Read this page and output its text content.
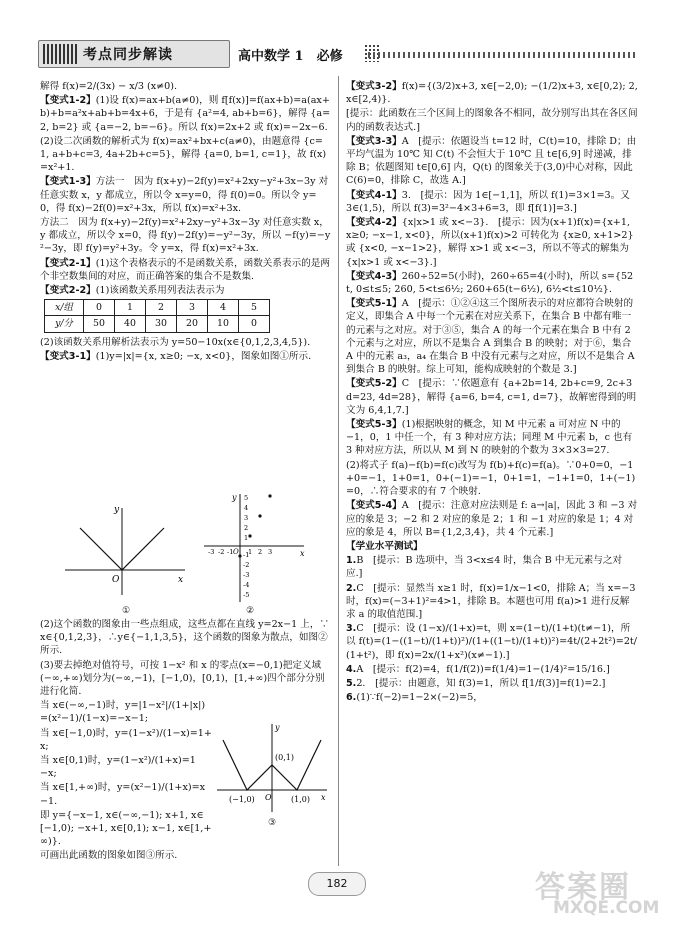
考点同步解读	高中数学 1　必修

解得 f(x)=2/(3x) − x/3 (x≠0).

【变式1-2】(1)设 f(x)=ax+b(a≠0)，则 f[f(x)]=f(ax+b)=a(ax+b)+b=a²x+ab+b=4x+6，于是有 {a²=4, ab+b=6}，解得 {a=2, b=2} 或 {a=−2, b=−6}。所以 f(x)=2x+2 或 f(x)=−2x−6.

(2)设二次函数的解析式为 f(x)=ax²+bx+c(a≠0)，由题意得 {c=1, a+b+c=3, 4a+2b+c=5}，解得 {a=0, b=1, c=1}，故 f(x)=x²+1.

【变式1-3】方法一　因为 f(x+y)−2f(y)=x²+2xy−y²+3x−3y 对任意实数 x，y 都成立，所以令 x=y=0，得 f(0)=0。所以令 y=0，得 f(x)−2f(0)=x²+3x，所以 f(x)=x²+3x.

方法二　因为 f(x+y)−2f(y)=x²+2xy−y²+3x−3y 对任意实数 x，y 都成立，所以令 x=0，得 f(y)−2f(y)=−y²−3y，所以 −f(y)=−y²−3y，即 f(y)=y²+3y。令 y=x，得 f(x)=x²+3x.

【变式2-1】(1)这个表格表示的不是函数关系，函数关系表示的是两个非空数集间的对应，而正确答案的集合不是数集.

【变式2-2】(1)该函数关系用列表法表示为

x/组	0	1	2	3	4	5
y/分	50	40	30	20	10	0

(2)该函数关系用解析法表示为 y=50−10x(x∈{0,1,2,3,4,5}).

【变式3-1】(1)y=|x|={x, x≥0; −x, x<0}，图象如图①所示.

x
y
O
①
5
4
3
2
1
-1
-2
-3
-4
-5
-3 -2 -1 1 2 3	x
y
O
②

(2)这个函数的图象由一些点组成，这些点都在直线 y=2x−1 上，∵x∈{0,1,2,3}，∴y∈{−1,1,3,5}，这个函数的图象为散点，如图②所示.

(3)要去掉绝对值符号，可按 1−x² 和 x 的零点(x=−0,1)把定义域(−∞,+∞)划分为(−∞,−1)，[−1,0)，[0,1)，[1,+∞)四个部分分别进行化简.

当 x∈(−∞,−1)时，y=|1−x²|/(1+|x|)=(x²−1)/(1−x)=−x−1;

当 x∈[−1,0)时，y=(1−x²)/(1−x)=1+x;

当 x∈[0,1)时，y=(1−x²)/(1+x)=1−x;

当 x∈[1,+∞)时，y=(x²−1)/(1+x)=x−1.

即 y={−x−1, x∈(−∞,−1); x+1, x∈[−1,0); −x+1, x∈[0,1); x−1, x∈[1,+∞)}.

可画出此函数的图象如图③所示.

(0,1)
(−1,0)	(1,0)
O	x
y
③

【变式3-2】f(x)={(3/2)x+3, x∈[−2,0); −(1/2)x+3, x∈[0,2); 2, x∈[2,4)}.

[提示：此函数在三个区间上的图象各不相同，故分别写出其在各区间内的函数表达式.]

【变式3-3】A　[提示：依题设当 t=12 时，C(t)=10，排除 D；由平均气温为 10℃ 知 C(t) 不会恒大于 10℃ 且 t∈[6,9] 时递减，排除 B；依题图知 t∈[0,6] 内，Q(t) 的图象关于(3,0)中心对称，因此 C(6)=0，排除 C，故选 A.]

【变式4-1】3.　[提示：因为 1∈[−1,1]，所以 f(1)=3×1=3。又 3∈(1,5)，所以 f(3)=3²−4×3+6=3，即 f[f(1)]=3.]

【变式4-2】{x|x>1 或 x<−3}.　[提示：因为(x+1)f(x)={x+1, x≥0; −x−1, x<0}，所以(x+1)f(x)>2 可转化为 {x≥0, x+1>2} 或 {x<0, −x−1>2}，解得 x>1 或 x<−3，所以不等式的解集为{x|x>1 或 x<−3}.]

【变式4-3】260÷52=5(小时)，260÷65=4(小时)，所以 s={52t, 0≤t≤5; 260, 5<t≤6½; 260+65(t−6½), 6½<t≤10½}.

【变式5-1】A　[提示：①②④这三个图所表示的对应都符合映射的定义，即集合 A 中每一个元素在对应关系下，在集合 B 中都有唯一的元素与之对应。对于③⑤，集合 A 的每一个元素在集合 B 中有 2 个元素与之对应，所以不是集合 A 到集合 B 的映射；对于⑥，集合 A 中的元素 a₃，a₄ 在集合 B 中没有元素与之对应，所以不是集合 A 到集合 B 的映射。综上可知，能构成映射的个数是 3.]

【变式5-2】C　[提示：∵依题意有 {a+2b=14, 2b+c=9, 2c+3d=23, 4d=28}，解得 {a=6, b=4, c=1, d=7}，故解密得到的明文为 6,4,1,7.]

【变式5-3】(1)根据映射的概念，知 M 中元素 a 可对应 N 中的 −1，0，1 中任一个，有 3 种对应方法；同理 M 中元素 b，c 也有 3 种对应方法，所以从 M 到 N 的映射的个数为 3×3×3=27.

(2)将式子 f(a)−f(b)=f(c)改写为 f(b)+f(c)=f(a)。∵0+0=0，−1+0=−1，1+0=1，0+(−1)=−1，0+1=1，−1+1=0，1+(−1)=0，∴符合要求的有 7 个映射.

【变式5-4】A　[提示：注意对应法则是 f: a→|a|，因此 3 和 −3 对应的象是 3；−2 和 2 对应的象是 2；1 和 −1 对应的象是 1；4 对应的象是 4，所以 B={1,2,3,4}，共 4 个元素.]

【学业水平测试】

1.B　[提示：B 选项中，当 3<x≤4 时，集合 B 中无元素与之对应.]

2.C　[提示：显然当 x≥1 时，f(x)=1/x−1<0，排除 A；当 x=−3 时，f(x)=(−3+1)²=4>1，排除 B。本题也可用 f(a)>1 进行反解求 a 的取值范围.]

3.C　[提示：设 (1−x)/(1+x)=t，则 x=(1−t)/(1+t)(t≠−1)，所以 f(t)=(1−((1−t)/(1+t))²)/(1+((1−t)/(1+t))²)=4t/(2+2t²)=2t/(1+t²)，即 f(x)=2x/(1+x²)(x≠−1).]

4.A　[提示：f(2)=4，f(1/f(2))=f(1/4)=1−(1/4)²=15/16.]

5.2.　[提示：由题意，知 f(3)=1，所以 f[1/f(3)]=f(1)=2.]

6.(1)∵f(−2)=1−2×(−2)=5，

182	答案圈
MXQE.COM
